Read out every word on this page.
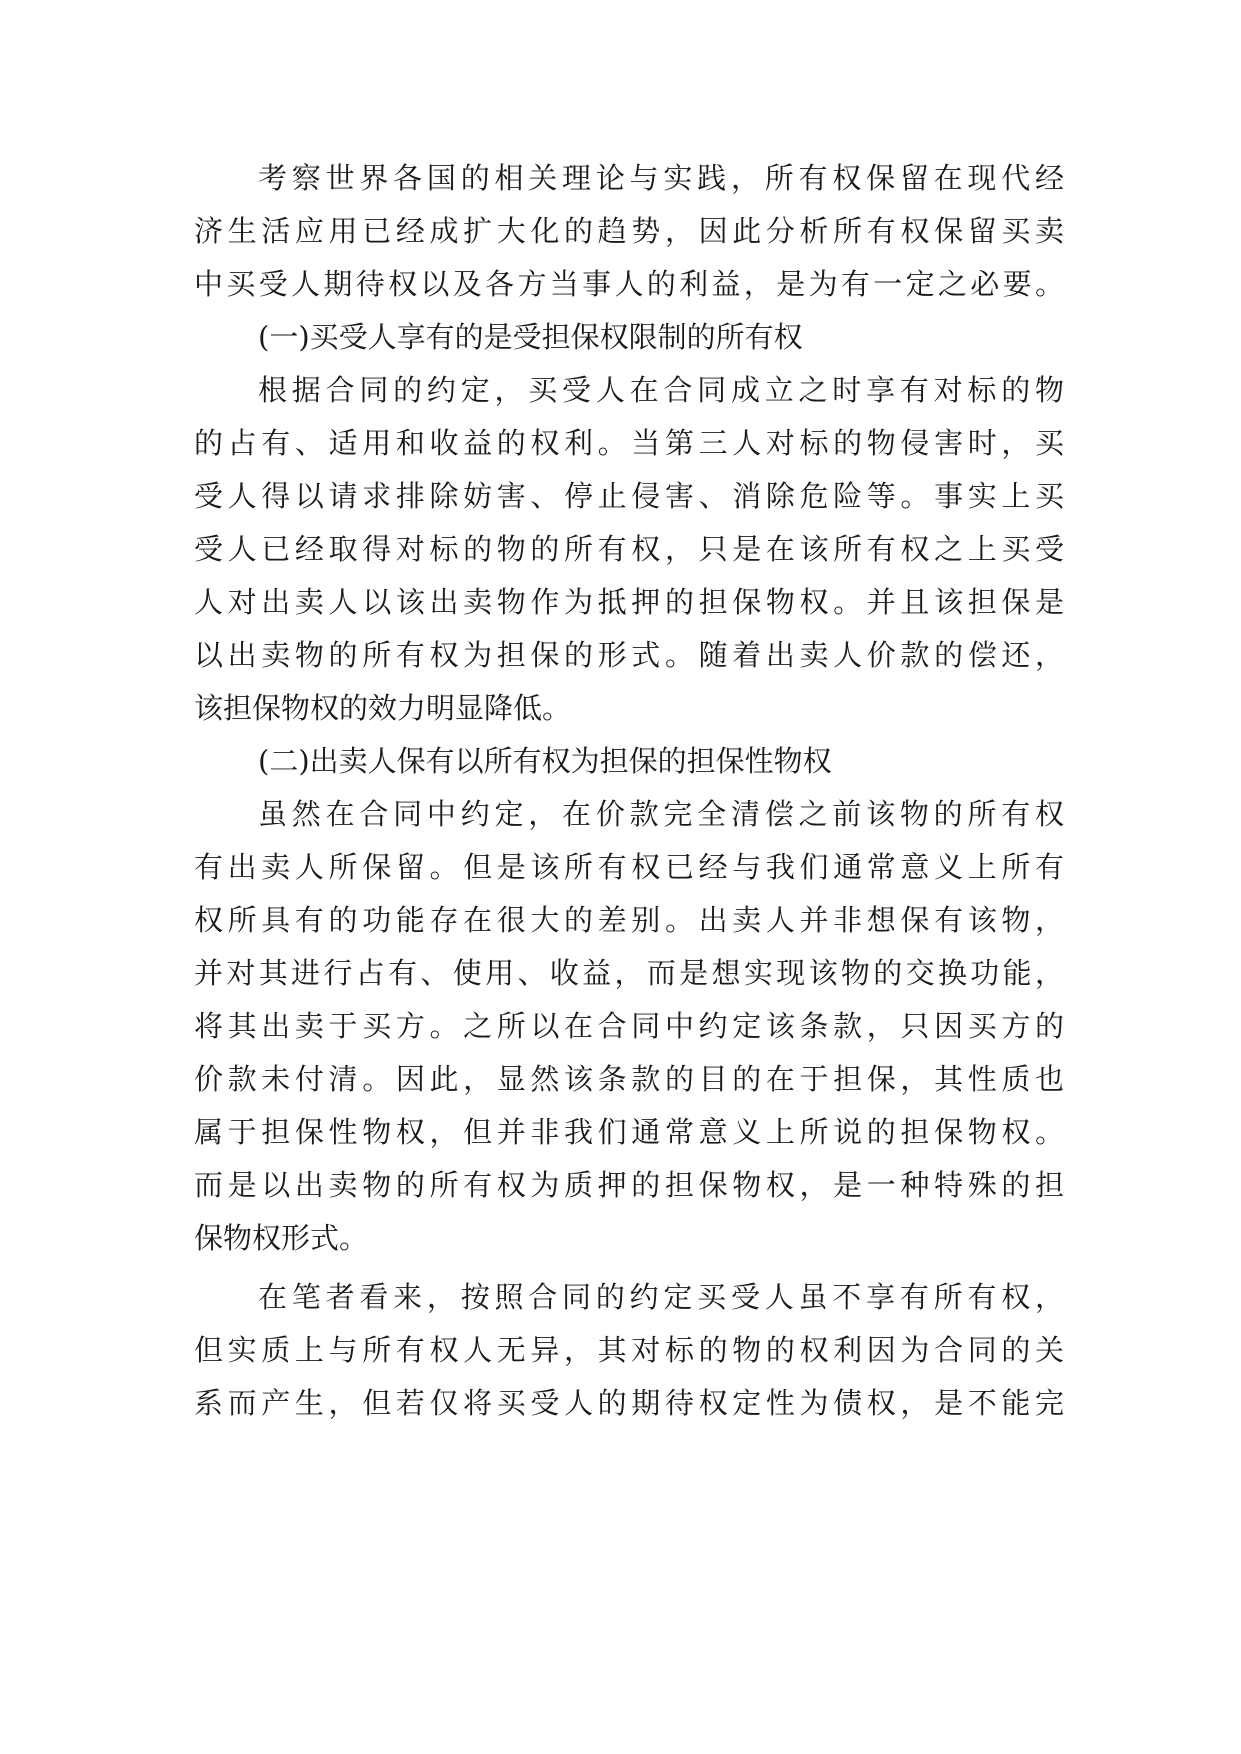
考察世界各国的相关理论与实践，所有权保留在现代经
济生活应用已经成扩大化的趋势，因此分析所有权保留买卖
中买受人期待权以及各方当事人的利益，是为有一定之必要。
(一)买受人享有的是受担保权限制的所有权
根据合同的约定，买受人在合同成立之时享有对标的物
的占有、适用和收益的权利。当第三人对标的物侵害时，买
受人得以请求排除妨害、停止侵害、消除危险等。事实上买
受人已经取得对标的物的所有权，只是在该所有权之上买受
人对出卖人以该出卖物作为抵押的担保物权。并且该担保是
以出卖物的所有权为担保的形式。随着出卖人价款的偿还，
该担保物权的效力明显降低。
(二)出卖人保有以所有权为担保的担保性物权
虽然在合同中约定，在价款完全清偿之前该物的所有权
有出卖人所保留。但是该所有权已经与我们通常意义上所有
权所具有的功能存在很大的差别。出卖人并非想保有该物，
并对其进行占有、使用、收益，而是想实现该物的交换功能，
将其出卖于买方。之所以在合同中约定该条款，只因买方的
价款未付清。因此，显然该条款的目的在于担保，其性质也
属于担保性物权，但并非我们通常意义上所说的担保物权。
而是以出卖物的所有权为质押的担保物权，是一种特殊的担
保物权形式。
在笔者看来，按照合同的约定买受人虽不享有所有权，
但实质上与所有权人无异，其对标的物的权利因为合同的关
系而产生，但若仅将买受人的期待权定性为债权，是不能完
